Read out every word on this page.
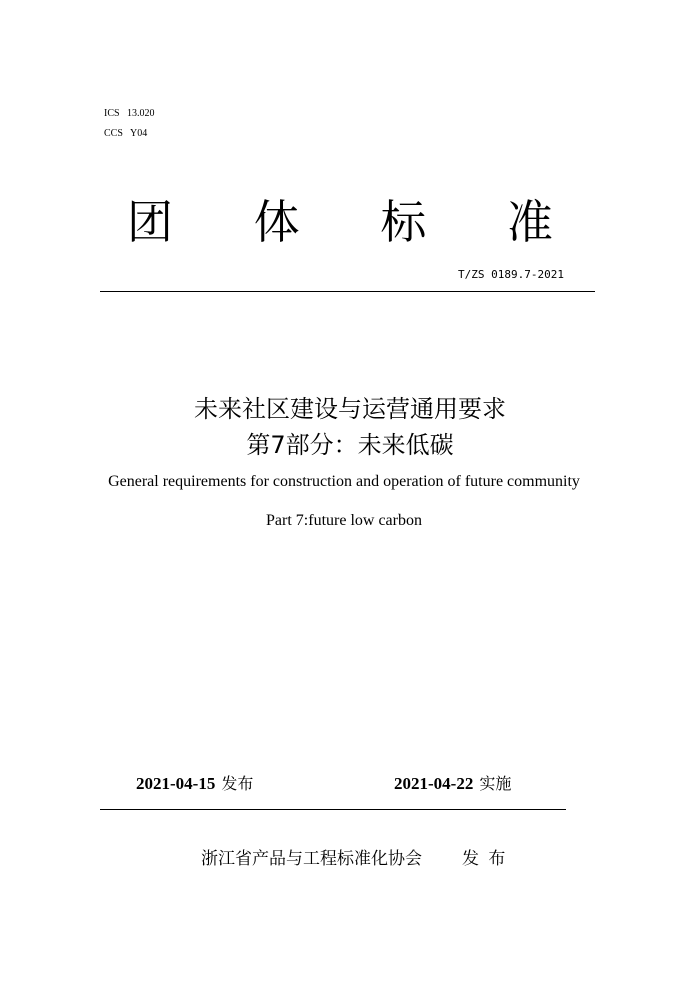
ICS   13.020
CCS   Y04
团 体 标 准
T/ZS 0189.7-2021
未来社区建设与运营通用要求
第7部分：未来低碳
General requirements for construction and operation of future community
Part 7:future low carbon
2021-04-15 发布	2021-04-22 实施
浙江省产品与工程标准化协会 发 布
